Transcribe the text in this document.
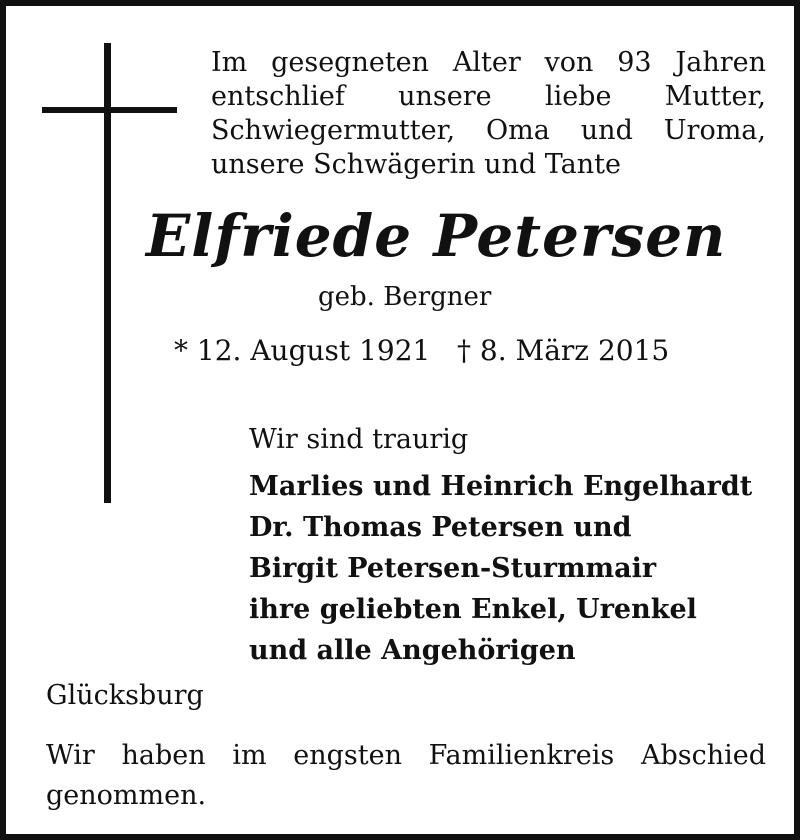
Im gesegneten Alter von 93 Jahren
entschlief unsere liebe Mutter,
Schwiegermutter, Oma und Uroma,
unsere Schwägerin und Tante

Elfriede Petersen
geb. Bergner
* 12. August 1921   † 8. März 2015
Wir sind traurig
Marlies und Heinrich Engelhardt
Dr. Thomas Petersen und
Birgit Petersen-Sturmmair
ihre geliebten Enkel, Urenkel
und alle Angehörigen
Glücksburg
Wir haben im engsten Familienkreis Abschied
genommen.
